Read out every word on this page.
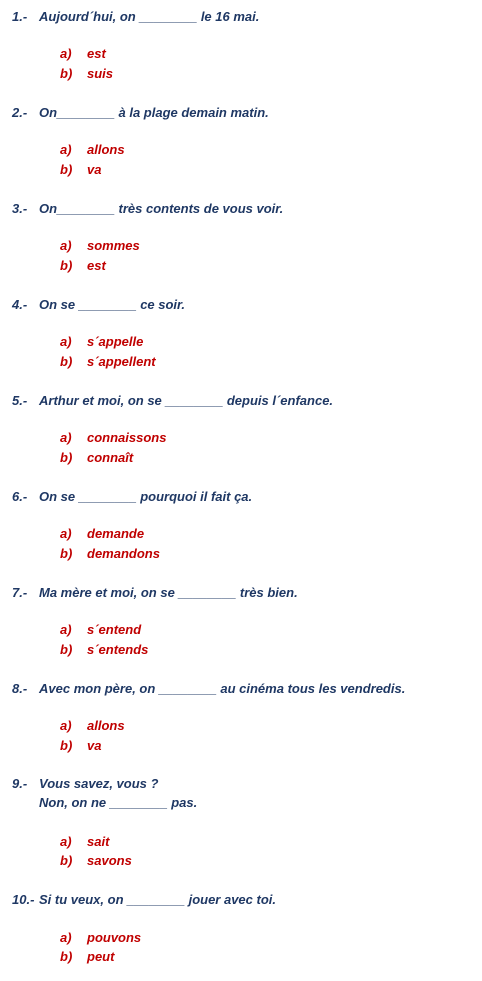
1.- Aujourd´hui, on ________ le 16 mai.
a) est
b) suis
2.- On________ à la plage demain matin.
a) allons
b) va
3.- On________ très contents de vous voir.
a) sommes
b) est
4.- On se ________ ce soir.
a) s´appelle
b) s´appellent
5.- Arthur et moi, on se ________ depuis l´enfance.
a) connaissons
b) connaît
6.- On se ________ pourquoi il fait ça.
a) demande
b) demandons
7.- Ma mère et moi, on se ________ très bien.
a) s´entend
b) s´entends
8.- Avec mon père, on ________ au cinéma tous les vendredis.
a) allons
b) va
9.- Vous savez, vous ?
Non, on ne ________ pas.
a) sait
b) savons
10.- Si tu veux, on ________ jouer avec toi.
a) pouvons
b) peut
